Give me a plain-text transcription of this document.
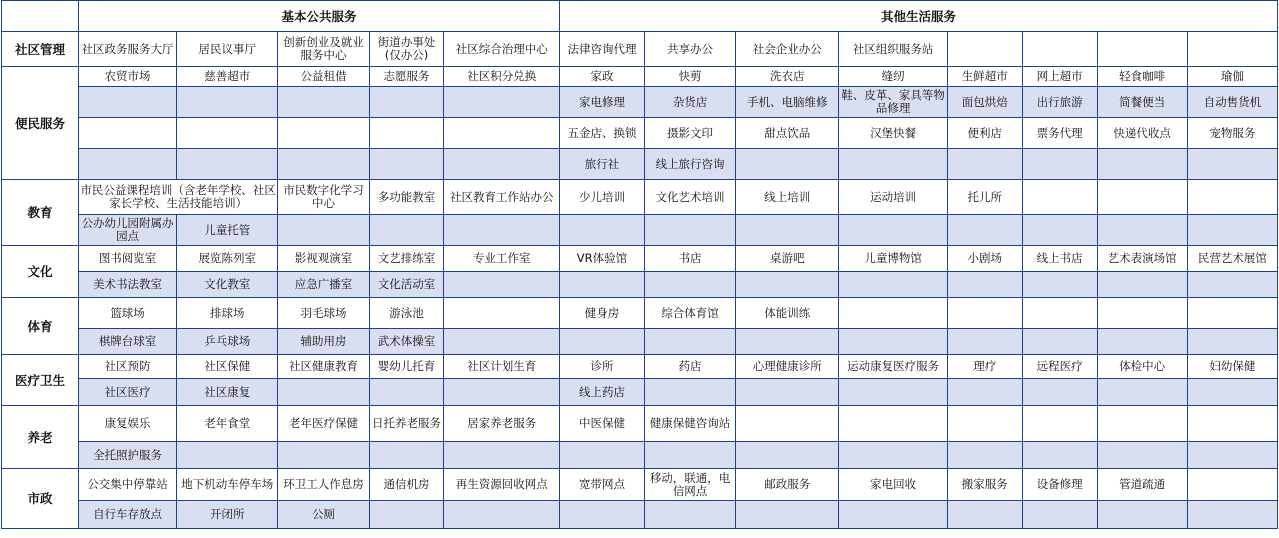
	基本公共服务					其他生活服务							
社区管理	社区政务服务大厅	居民议事厅	创新创业及就业服务中心	街道办事处(仅办公)	社区综合治理中心	法律咨询代理	共享办公	社会企业办公	社区组织服务站				
便民服务	农贸市场	慈善超市	公益租借	志愿服务	社区积分兑换	家政	快剪	洗衣店	缝纫	生鲜超市	网上超市	轻食咖啡	瑜伽
						家电修理	杂货店	手机、电脑维修	鞋、皮革、家具等物品修理	面包烘焙	出行旅游	简餐便当	自动售货机
						五金店、换锁	摄影文印	甜点饮品	汉堡快餐	便利店	票务代理	快递代收点	宠物服务
						旅行社	线上旅行咨询						
教育	市民公益课程培训（含老年学校、社区家长学校、生活技能培训）		市民数字化学习中心	多功能教室	社区教育工作站办公	少儿培训	文化艺术培训	线上培训	运动培训	托儿所			
	公办幼儿园附属办园点	儿童托管											
文化	图书阅览室	展览陈列室	影视观演室	文艺排练室	专业工作室	VR体验馆	书店	桌游吧	儿童博物馆	小剧场	线上书店	艺术表演场馆	民营艺术展馆
	美术书法教室	文化教室	应急广播室	文化活动室									
体育	篮球场	排球场	羽毛球场	游泳池		健身房	综合体育馆	体能训练					
	棋牌台球室	乒乓球场	辅助用房	武术体操室									
医疗卫生	社区预防	社区保健	社区健康教育	婴幼儿托育	社区计划生育	诊所	药店	心理健康诊所	运动康复医疗服务	理疗	远程医疗	体检中心	妇幼保健
	社区医疗	社区康复				线上药店							
养老	康复娱乐	老年食堂	老年医疗保健	日托养老服务	居家养老服务	中医保健	健康保健咨询站						
	全托照护服务												
市政	公交集中停靠站	地下机动车停车场	环卫工人作息房	通信机房	再生资源回收网点	宽带网点	移动，联通，电信网点	邮政服务	家电回收	搬家服务	设备修理	管道疏通	
	自行车存放点	开闭所	公厕										
